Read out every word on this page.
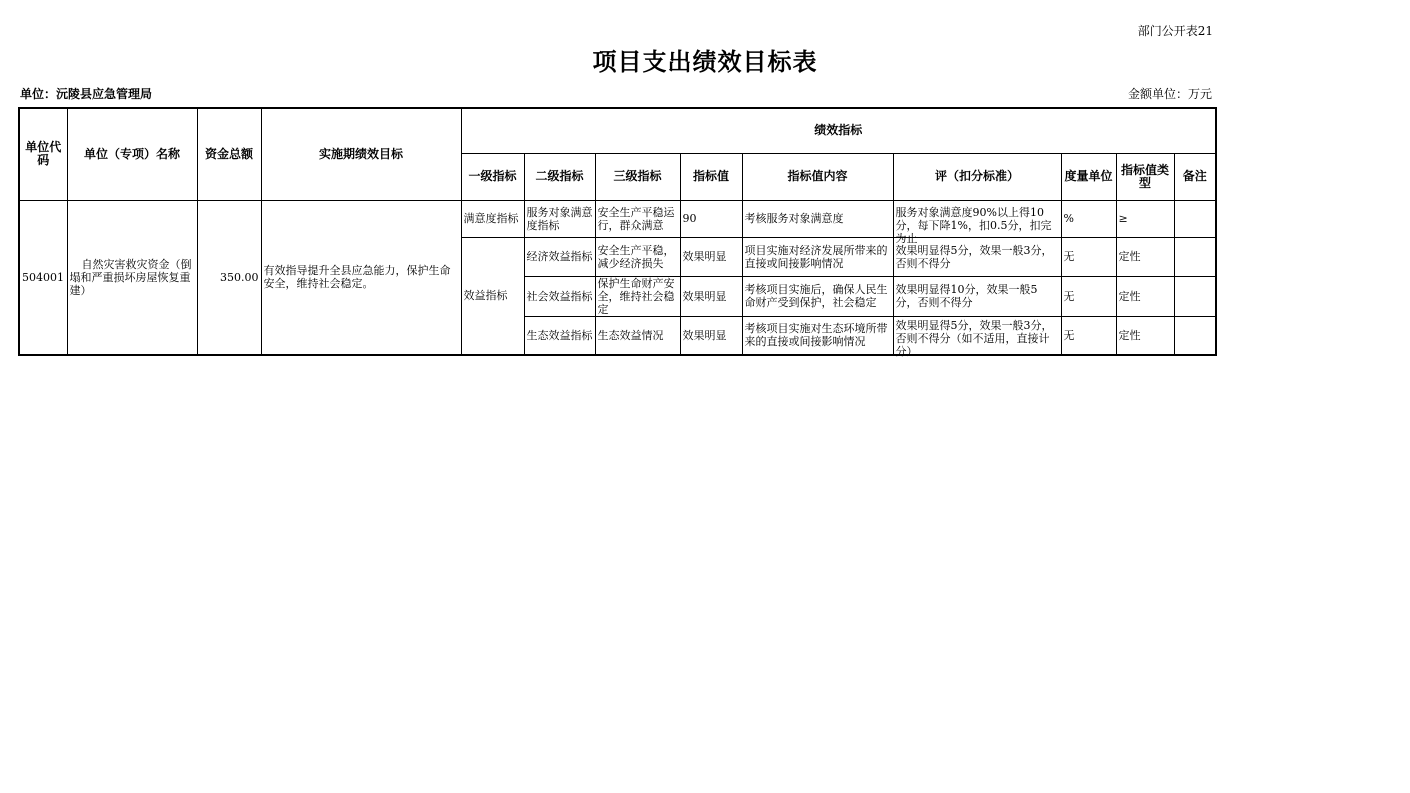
部门公开表21
项目支出绩效目标表
单位：沅陵县应急管理局	金额单位：万元
单位代码	单位（专项）名称	资金总额	实施期绩效目标	绩效指标								
				一级指标	二级指标	三级指标	指标值	指标值内容	评（扣分标准）	度量单位	指标值类型	备注
504001	自然灾害救灾资金（倒塌和严重损坏房屋恢复重建）	350.00	有效指导提升全县应急能力，保护生命安全，维持社会稳定。	满意度指标	服务对象满意度指标	安全生产平稳运行，群众满意	90	考核服务对象满意度	服务对象满意度90%以上得10分，每下降1%，扣0.5分，扣完为止	%	≥	
				效益指标	经济效益指标	安全生产平稳，减少经济损失	效果明显	项目实施对经济发展所带来的直接或间接影响情况	效果明显得5分，效果一般3分，否则不得分	无	定性	
					社会效益指标	保护生命财产安全，维持社会稳定	效果明显	考核项目实施后，确保人民生命财产受到保护，社会稳定	效果明显得10分，效果一般5分，否则不得分	无	定性	
					生态效益指标	生态效益情况	效果明显	考核项目实施对生态环境所带来的直接或间接影响情况	效果明显得5分，效果一般3分，否则不得分（如不适用，直接计分）	无	定性	
